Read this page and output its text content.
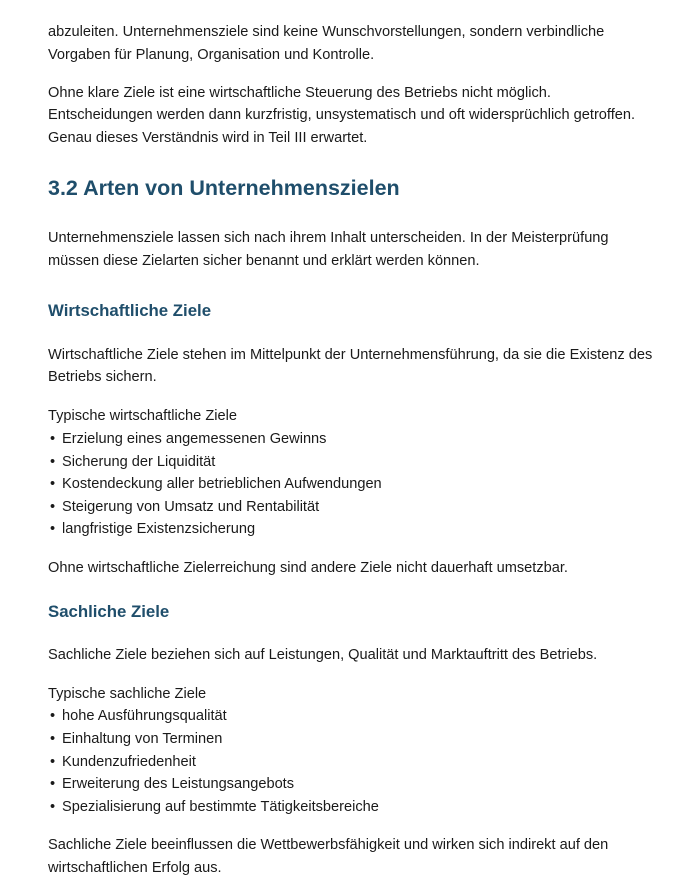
abzuleiten. Unternehmensziele sind keine Wunschvorstellungen, sondern verbindliche Vorgaben für Planung, Organisation und Kontrolle.

Ohne klare Ziele ist eine wirtschaftliche Steuerung des Betriebs nicht möglich. Entscheidungen werden dann kurzfristig, unsystematisch und oft widersprüchlich getroffen. Genau dieses Verständnis wird in Teil III erwartet.

3.2 Arten von Unternehmenszielen

Unternehmensziele lassen sich nach ihrem Inhalt unterscheiden. In der Meisterprüfung müssen diese Zielarten sicher benannt und erklärt werden können.

Wirtschaftliche Ziele

Wirtschaftliche Ziele stehen im Mittelpunkt der Unternehmensführung, da sie die Existenz des Betriebs sichern.

Typische wirtschaftliche Ziele

• Erzielung eines angemessenen Gewinns
• Sicherung der Liquidität
• Kostendeckung aller betrieblichen Aufwendungen
• Steigerung von Umsatz und Rentabilität
• langfristige Existenzsicherung

Ohne wirtschaftliche Zielerreichung sind andere Ziele nicht dauerhaft umsetzbar.

Sachliche Ziele

Sachliche Ziele beziehen sich auf Leistungen, Qualität und Marktauftritt des Betriebs.

Typische sachliche Ziele

• hohe Ausführungsqualität
• Einhaltung von Terminen
• Kundenzufriedenheit
• Erweiterung des Leistungsangebots
• Spezialisierung auf bestimmte Tätigkeitsbereiche

Sachliche Ziele beeinflussen die Wettbewerbsfähigkeit und wirken sich indirekt auf den wirtschaftlichen Erfolg aus.
